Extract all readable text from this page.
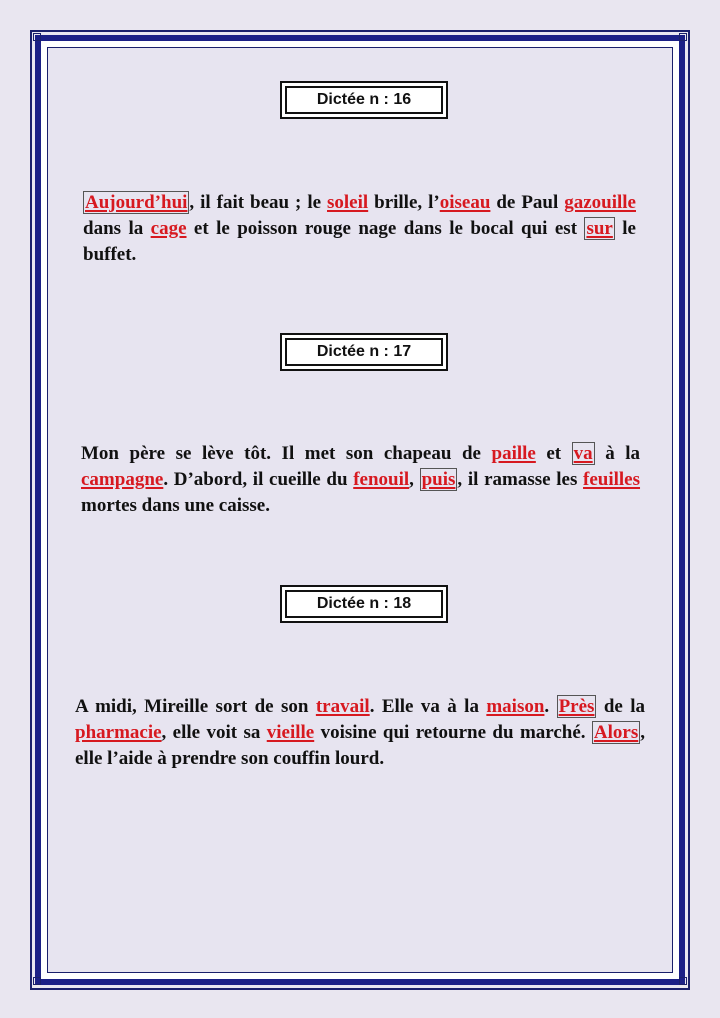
Dictée n : 16
Aujourd’hui , il fait beau ; le soleil brille, l’oiseau de Paul gazouille dans la cage et le poisson rouge nage dans le bocal qui est sur le buffet.
Dictée n : 17
Mon père se lève tôt. Il met son chapeau de paille et va à la campagne. D’abord, il cueille du fenouil, puis , il ramasse les feuilles mortes dans une caisse.
Dictée n : 18
A midi, Mireille sort de son travail. Elle va à la maison. Près de la pharmacie, elle voit sa vieille voisine qui retourne du marché. Alors , elle l’aide à prendre son couffin lourd.
